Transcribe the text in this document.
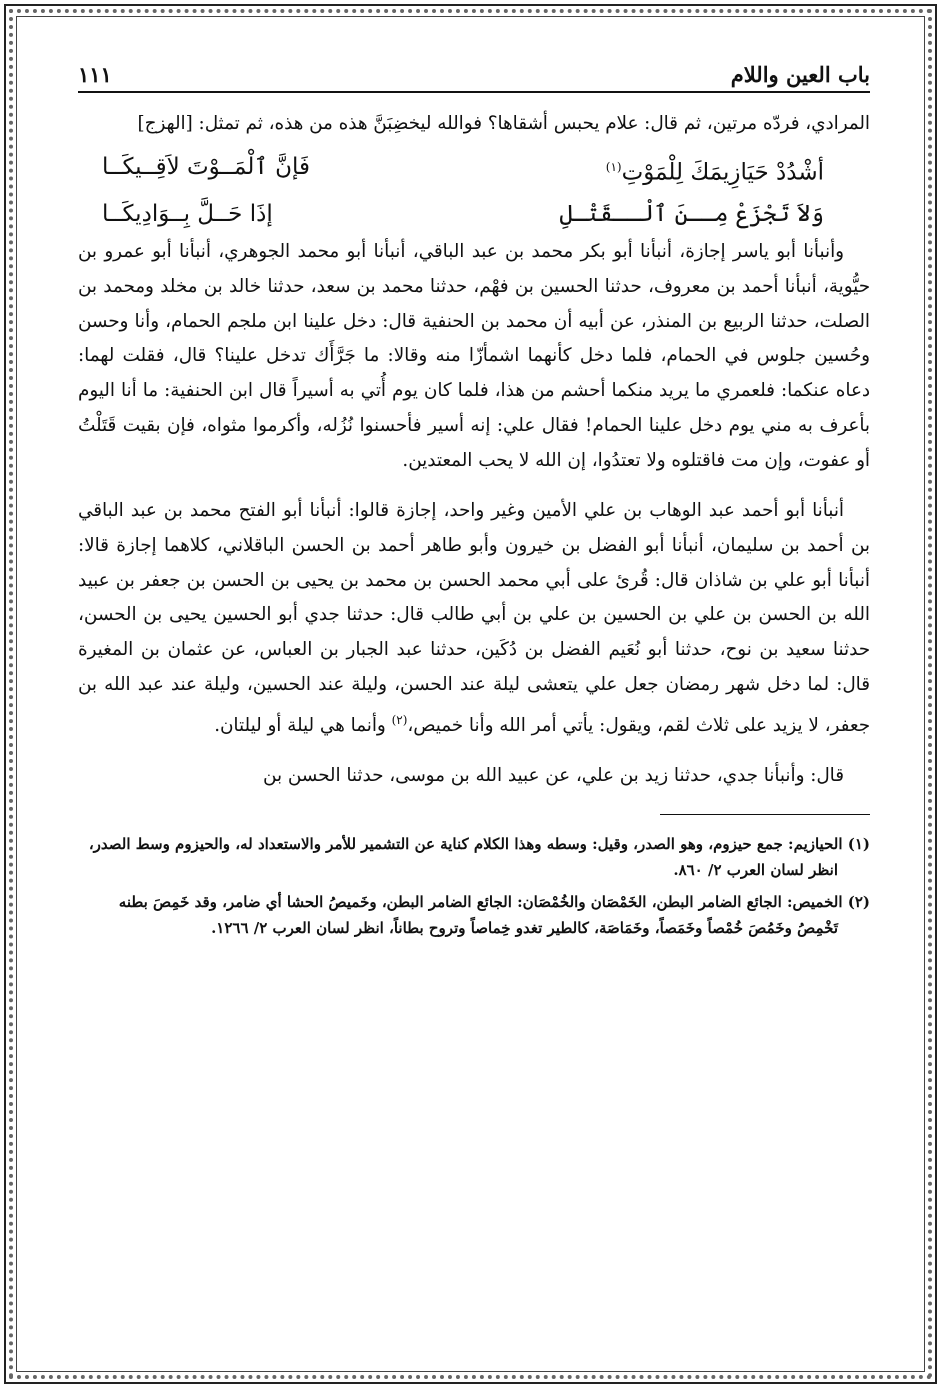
باب العين واللام
١١١

المرادي، فردّه مرتين، ثم قال: علام يحبس أشقاها؟ فوالله ليخضِبَنَّ هذه من هذه، ثم تمثل: [الهزج]

أشْدُدْ حَيَازِيمَكَ لِلْمَوْتِ$^{(١)}$
فَإنَّ ٱلْمَــوْتَ لاَقِــيكَــا
وَلاَ تَجْزَعْ مِــنَ ٱلْــقَتْـلِ
إذَا حَــلَّ بِــوَادِيكَــا

وأنبأنا أبو ياسر إجازة، أنبأنا أبو بكر محمد بن عبد الباقي، أنبأنا أبو محمد الجوهري، أنبأنا أبو عمرو بن حيُّوية، أنبأنا أحمد بن معروف، حدثنا الحسين بن فهْم، حدثنا محمد بن سعد، حدثنا خالد بن مخلد ومحمد بن الصلت، حدثنا الربيع بن المنذر، عن أبيه أن محمد بن الحنفية قال: دخل علينا ابن ملجم الحمام، وأنا وحسن وحُسين جلوس في الحمام، فلما دخل كأنهما اشمأزّا منه وقالا: ما جَرَّأَك تدخل علينا؟ قال، فقلت لهما: دعاه عنكما: فلعمري ما يريد منكما أحشم من هذا، فلما كان يوم أُتي به أسيراً قال ابن الحنفية: ما أنا اليوم بأعرف به مني يوم دخل علينا الحمام! فقال علي: إنه أسير فأحسنوا نُزُله، وأكرموا مثواه، فإن بقيت قَتَلْتُ أو عفوت، وإن مت فاقتلوه ولا تعتدُوا، إن الله لا يحب المعتدين.

أنبأنا أبو أحمد عبد الوهاب بن علي الأمين وغير واحد، إجازة قالوا: أنبأنا أبو الفتح محمد بن عبد الباقي بن أحمد بن سليمان، أنبأنا أبو الفضل بن خيرون وأبو طاهر أحمد بن الحسن الباقلاني، كلاهما إجازة قالا: أنبأنا أبو علي بن شاذان قال: قُرئ على أبي محمد الحسن بن محمد بن يحيى بن الحسن بن جعفر بن عبيد الله بن الحسن بن علي بن الحسين بن علي بن أبي طالب قال: حدثنا جدي أبو الحسين يحيى بن الحسن، حدثنا سعيد بن نوح، حدثنا أبو نُعَيم الفضل بن دُكَين، حدثنا عبد الجبار بن العباس، عن عثمان بن المغيرة قال: لما دخل شهر رمضان جعل علي يتعشى ليلة عند الحسن، وليلة عند الحسين، وليلة عند عبد الله بن جعفر، لا يزيد على ثلاث لقم، ويقول: يأتي أمر الله وأنا خميص،$^{(٢)}$ وأنما هي ليلة أو ليلتان.

قال: وأنبأنا جدي، حدثنا زيد بن علي، عن عبيد الله بن موسى، حدثنا الحسن بن

(١) الحيازيم: جمع حيزوم، وهو الصدر، وقيل: وسطه وهذا الكلام كناية عن التشمير للأمر والاستعداد له، والحيزوم وسط الصدر، انظر لسان العرب ٢/ ٨٦٠.

(٢) الخميص: الجائع الضامر البطن، الخَمْصَان والخُمْصَان: الجائع الضامر البطن، وخَميصُ الحشا أي ضامر، وقد خَمِصَ بطنه تَخْمِصُ وخَمُصَ خُمْصاً وخَمَصاً، وخَمَاصَة، كالطير تغدو خِماصاً وتروح بطاناً، انظر لسان العرب ٢/ ١٢٦٦.
